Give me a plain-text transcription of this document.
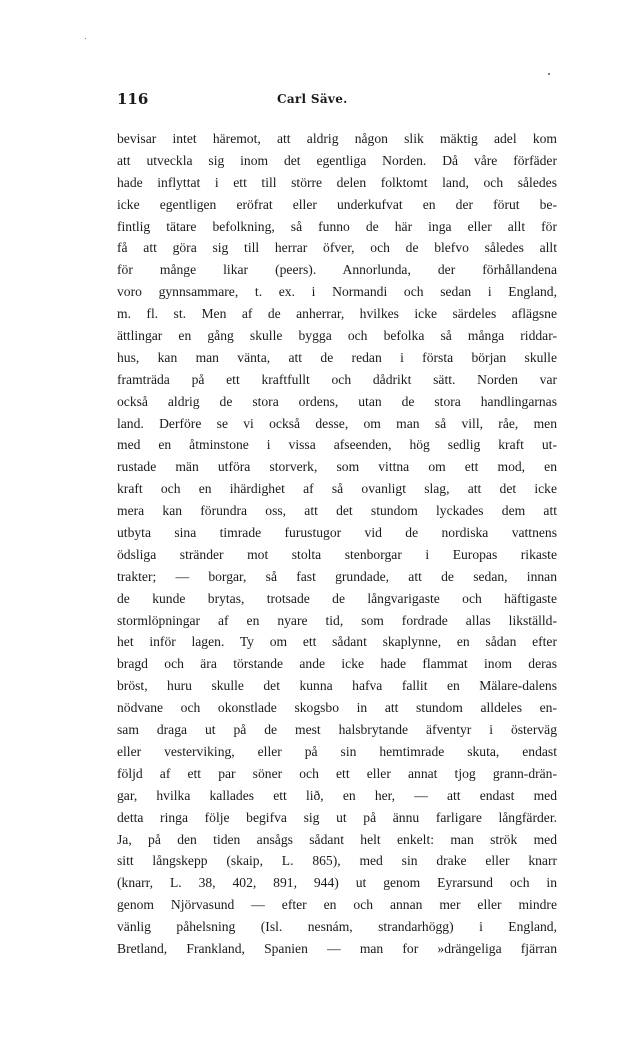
116	Carl Säve.
bevisar intet häremot, att aldrig någon slik mäktig adel kom
att utveckla sig inom det egentliga Norden. Då våre förfäder
hade inflyttat i ett till större delen folktomt land, och således
icke egentligen eröfrat eller underkufvat en der förut be-
fintlig tätare befolkning, så funno de här inga eller allt för
få att göra sig till herrar öfver, och de blefvo således allt
för månge likar (peers). Annorlunda, der förhållandena
voro gynnsammare, t. ex. i Normandi och sedan i England,
m. fl. st. Men af de anherrar, hvilkes icke särdeles aflägsne
ättlingar en gång skulle bygga och befolka så många riddar-
hus, kan man vänta, att de redan i första början skulle
framträda på ett kraftfullt och dådrikt sätt. Norden var
också aldrig de stora ordens, utan de stora handlingarnas
land. Derföre se vi också desse, om man så vill, råe, men
med en åtminstone i vissa afseenden, hög sedlig kraft ut-
rustade män utföra storverk, som vittna om ett mod, en
kraft och en ihärdighet af så ovanligt slag, att det icke
mera kan förundra oss, att det stundom lyckades dem att
utbyta sina timrade furustugor vid de nordiska vattnens
ödsliga stränder mot stolta stenborgar i Europas rikaste
trakter; — borgar, så fast grundade, att de sedan, innan
de kunde brytas, trotsade de långvarigaste och häftigaste
stormlöpningar af en nyare tid, som fordrade allas likställd-
het inför lagen. Ty om ett sådant skaplynne, en sådan efter
bragd och ära törstande ande icke hade flammat inom deras
bröst, huru skulle det kunna hafva fallit en Mälare-dalens
nödvane och okonstlade skogsbo in att stundom alldeles en-
sam draga ut på de mest halsbrytande äfventyr i österväg
eller vesterviking, eller på sin hemtimrade skuta, endast
följd af ett par söner och ett eller annat tjog grann-drän-
gar, hvilka kallades ett lið, en her, — att endast med
detta ringa följe begifva sig ut på ännu farligare långfärder.
Ja, på den tiden ansågs sådant helt enkelt: man strök med
sitt långskepp (skaip, L. 865), med sin drake eller knarr
(knarr, L. 38, 402, 891, 944) ut genom Eyrarsund och in
genom Njörvasund — efter en och annan mer eller mindre
vänlig påhelsning (Isl. nesnám, strandarhögg) i England,
Bretland, Frankland, Spanien — man for »drängeliga fjärran
